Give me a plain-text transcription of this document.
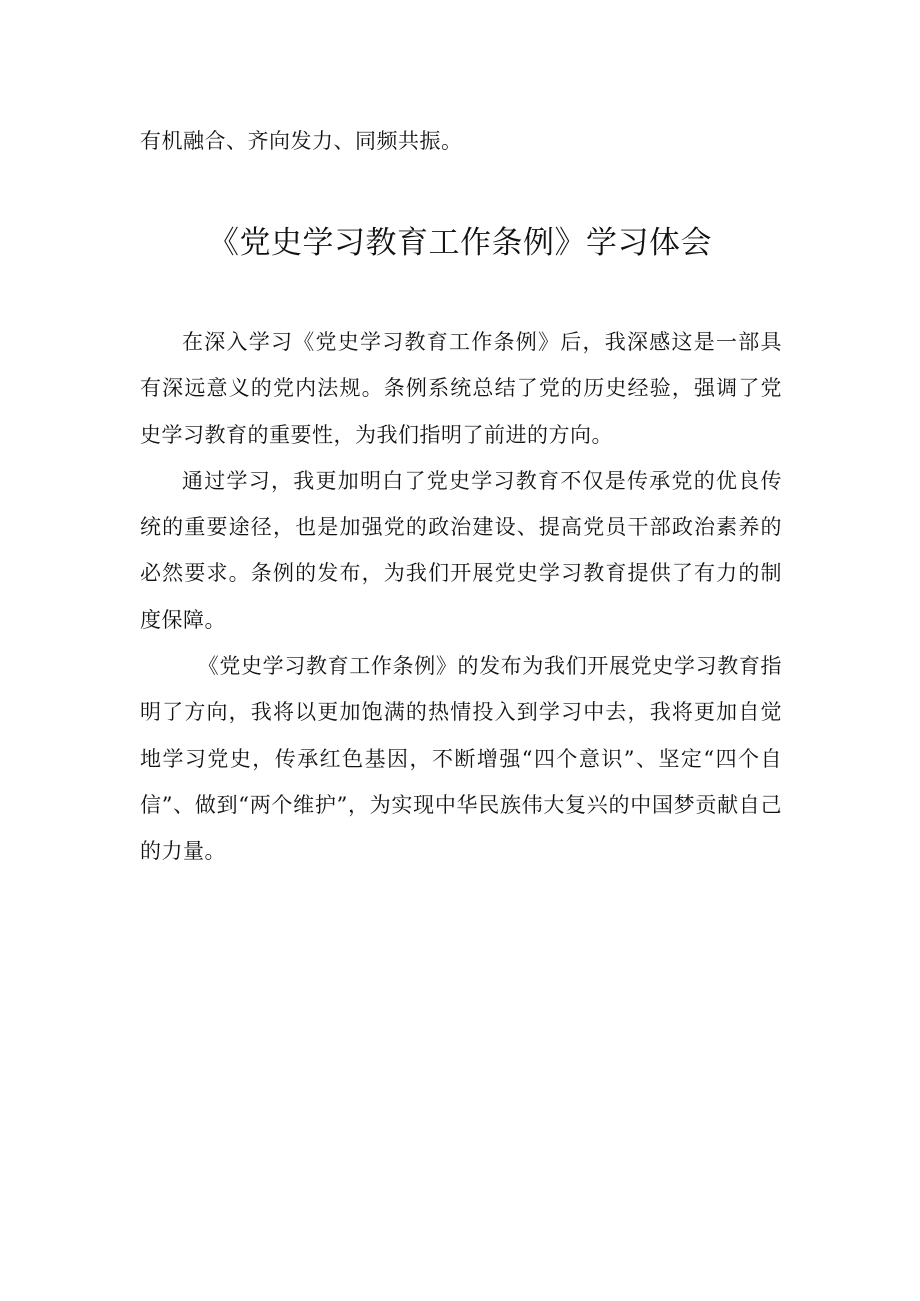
有机融合、齐向发力、同频共振。

《党史学习教育工作条例》学习体会

在深入学习《党史学习教育工作条例》后，我深感这是一部具有深远意义的党内法规。条例系统总结了党的历史经验，强调了党史学习教育的重要性，为我们指明了前进的方向。

通过学习，我更加明白了党史学习教育不仅是传承党的优良传统的重要途径，也是加强党的政治建设、提高党员干部政治素养的必然要求。条例的发布，为我们开展党史学习教育提供了有力的制度保障。

《党史学习教育工作条例》的发布为我们开展党史学习教育指明了方向，我将以更加饱满的热情投入到学习中去，我将更加自觉地学习党史，传承红色基因，不断增强“四个意识”、坚定“四个自信”、做到“两个维护”，为实现中华民族伟大复兴的中国梦贡献自己的力量。
